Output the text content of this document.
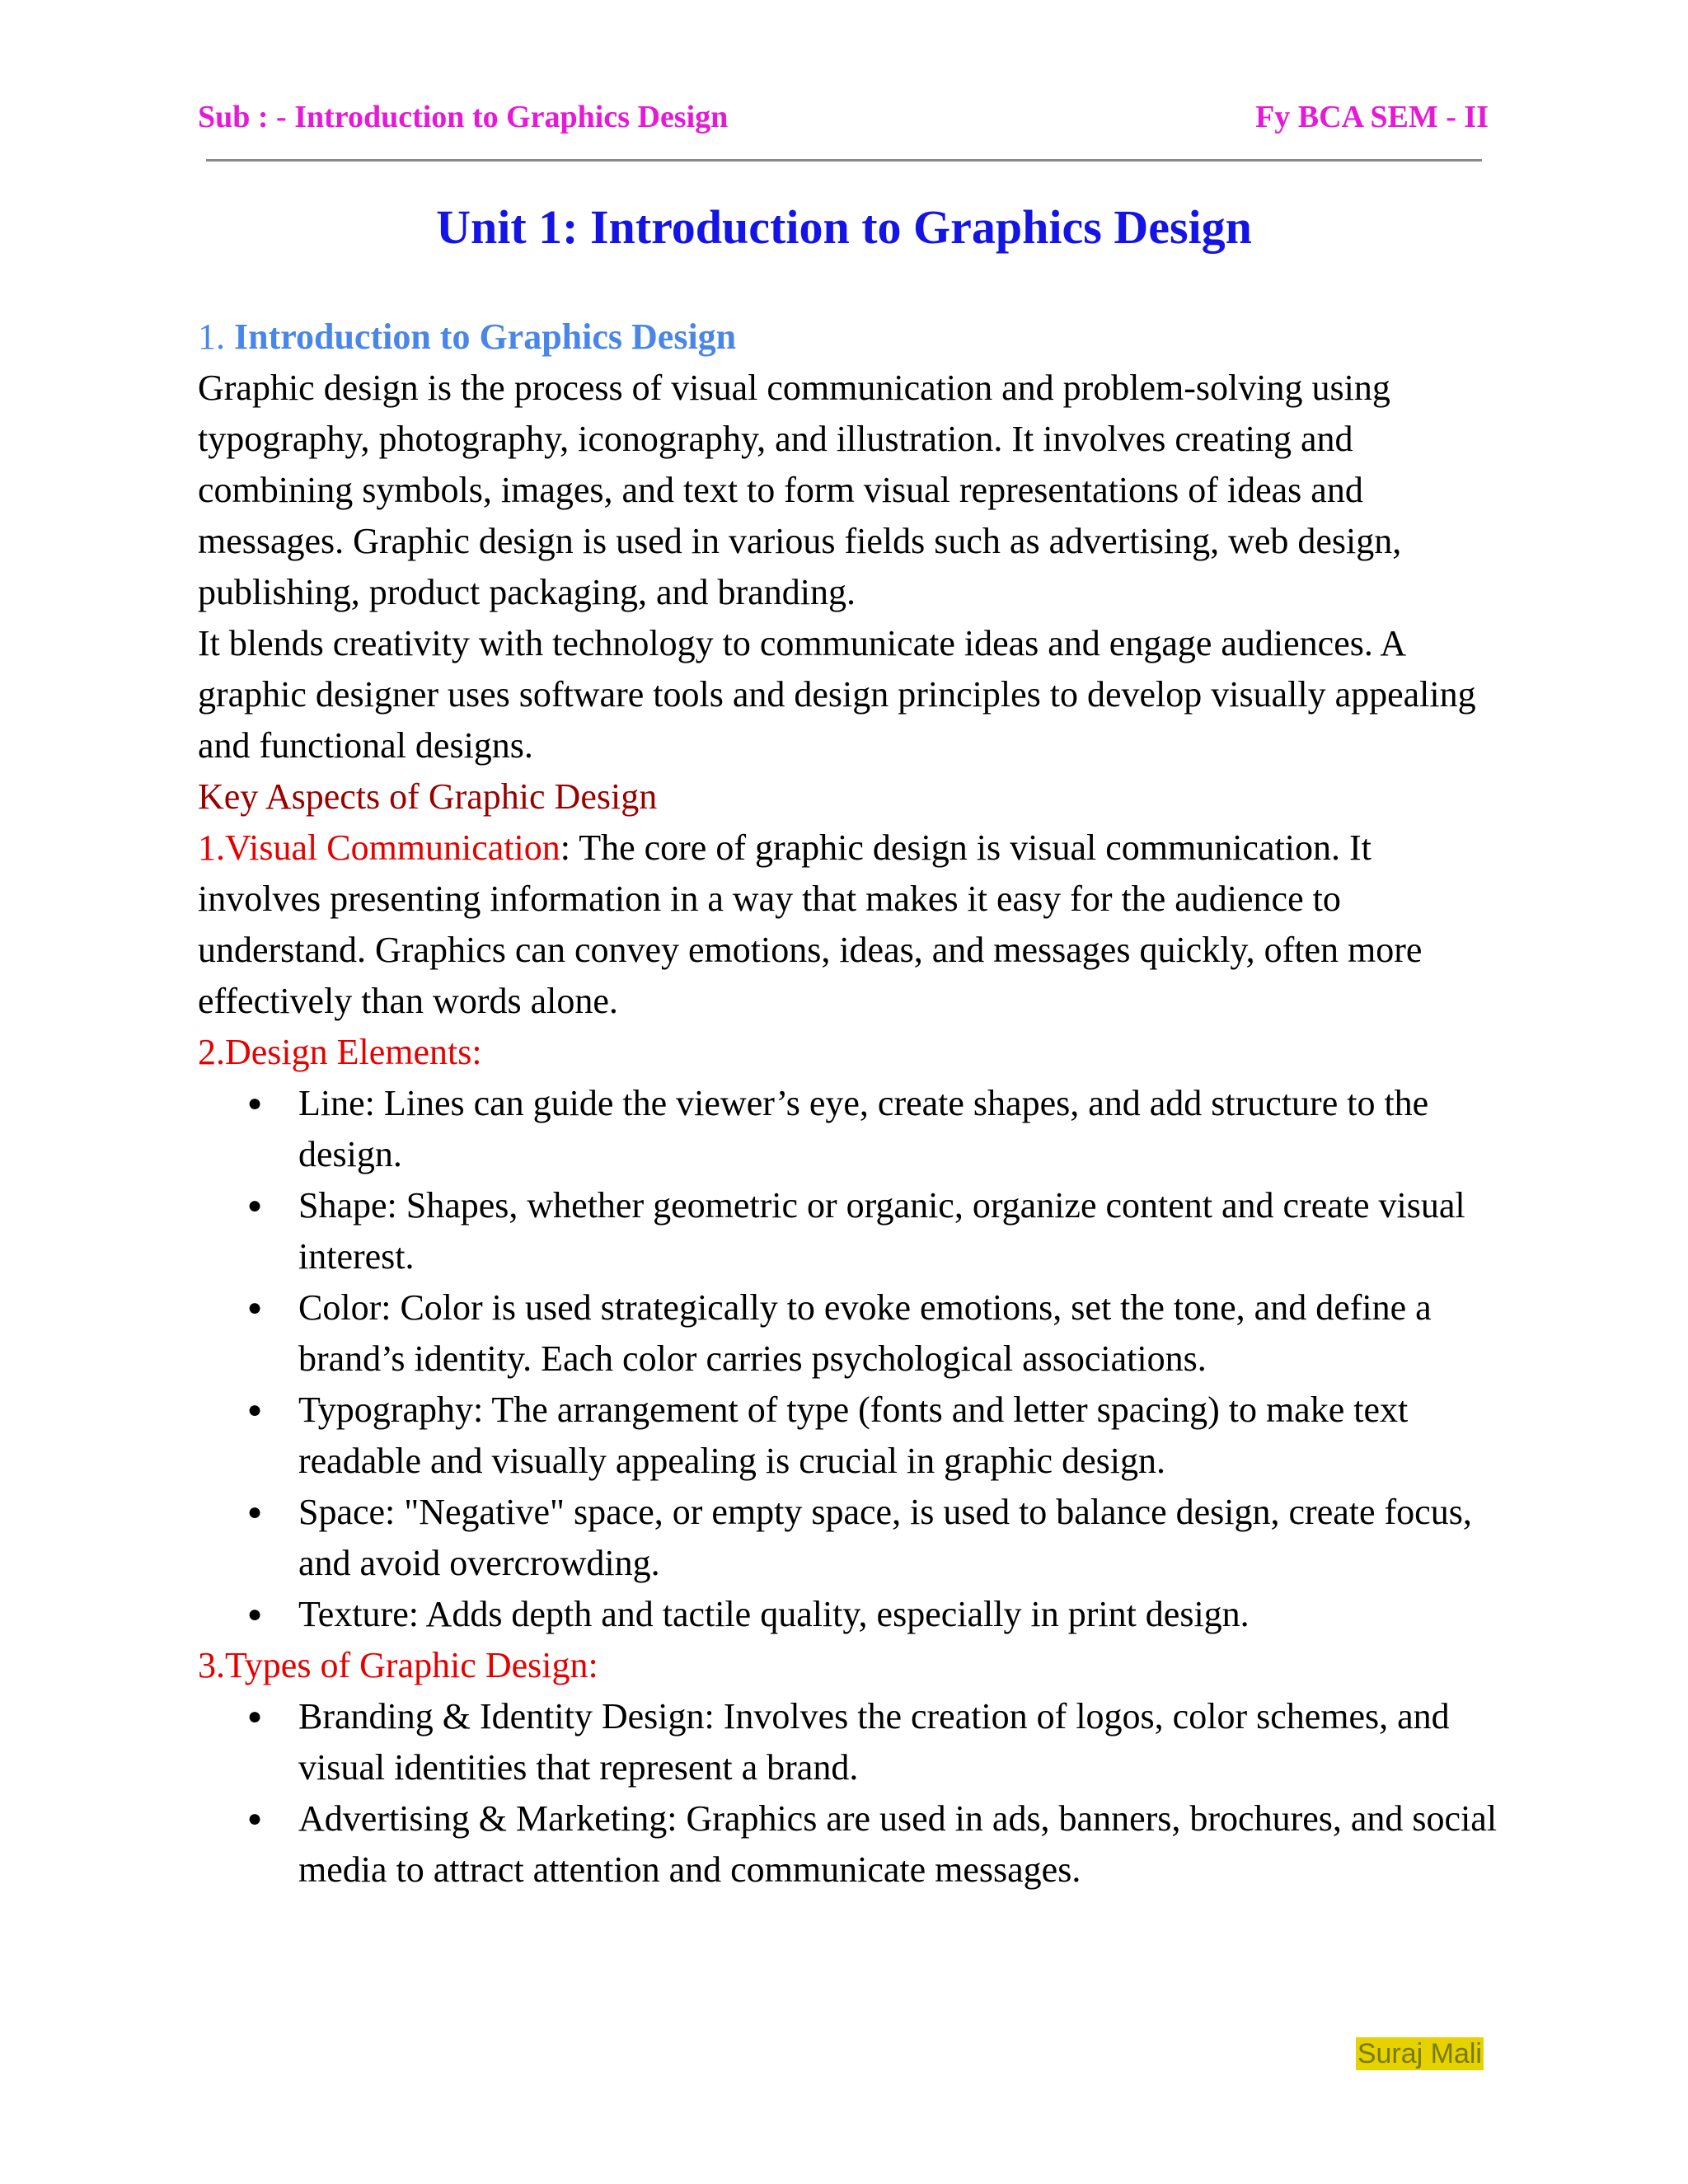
Sub : - Introduction to Graphics Design	Fy BCA SEM - II
Unit 1: Introduction to Graphics Design

1. Introduction to Graphics Design

Graphic design is the process of visual communication and problem-solving using typography, photography, iconography, and illustration. It involves creating and combining symbols, images, and text to form visual representations of ideas and messages. Graphic design is used in various fields such as advertising, web design, publishing, product packaging, and branding.

It blends creativity with technology to communicate ideas and engage audiences. A graphic designer uses software tools and design principles to develop visually appealing and functional designs.

Key Aspects of Graphic Design

1.Visual Communication: The core of graphic design is visual communication. It involves presenting information in a way that makes it easy for the audience to understand. Graphics can convey emotions, ideas, and messages quickly, often more effectively than words alone.

2.Design Elements:

● Line: Lines can guide the viewer’s eye, create shapes, and add structure to the design.
● Shape: Shapes, whether geometric or organic, organize content and create visual interest.
● Color: Color is used strategically to evoke emotions, set the tone, and define a brand’s identity. Each color carries psychological associations.
● Typography: The arrangement of type (fonts and letter spacing) to make text readable and visually appealing is crucial in graphic design.
● Space: "Negative" space, or empty space, is used to balance design, create focus, and avoid overcrowding.
● Texture: Adds depth and tactile quality, especially in print design.

3.Types of Graphic Design:

● Branding & Identity Design: Involves the creation of logos, color schemes, and visual identities that represent a brand.
● Advertising & Marketing: Graphics are used in ads, banners, brochures, and social media to attract attention and communicate messages.
Suraj Mali
